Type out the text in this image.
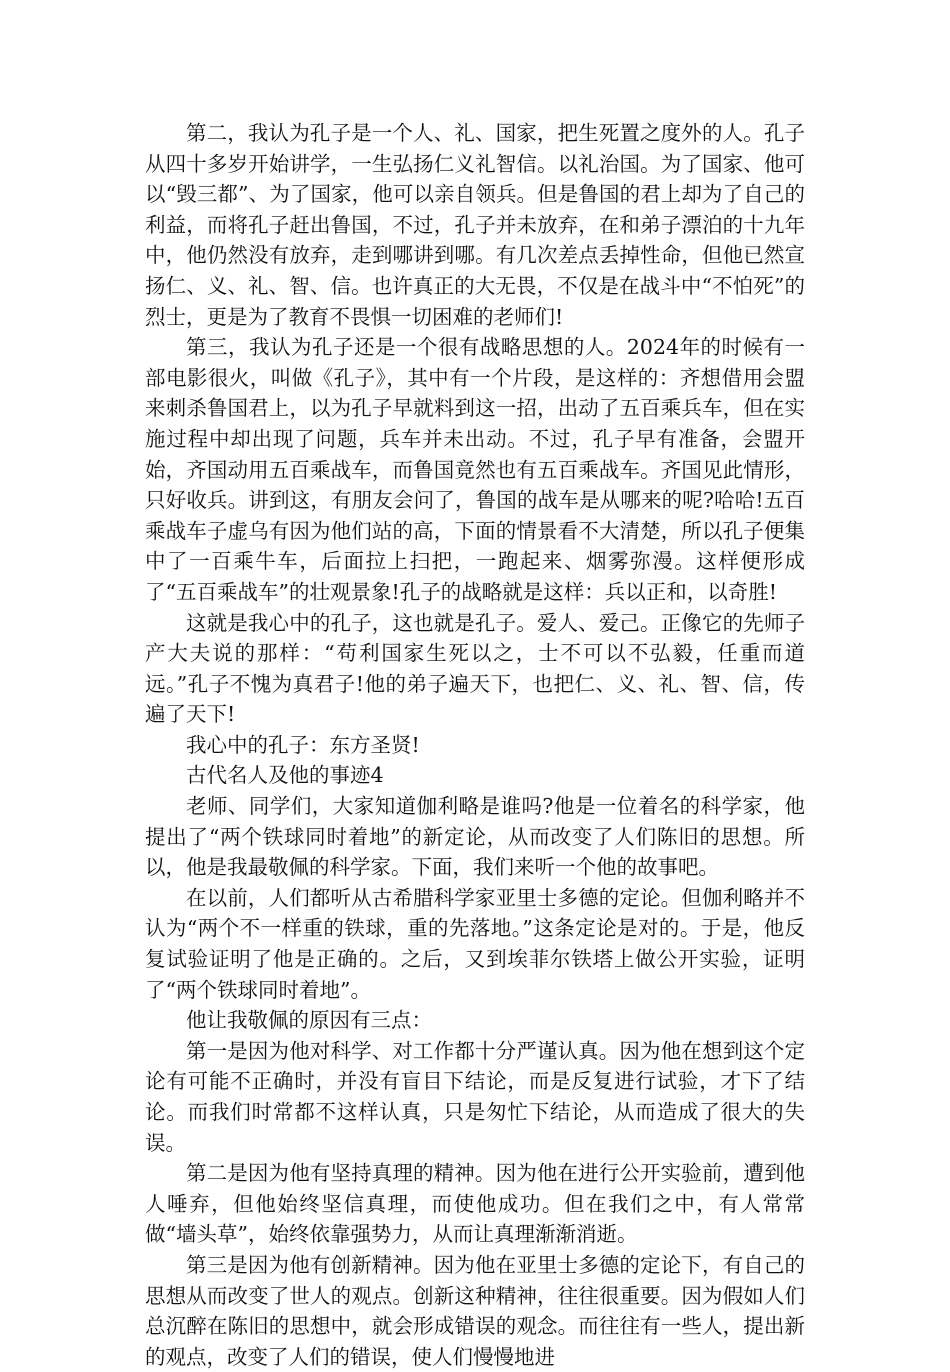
第二，我认为孔子是一个人、礼、国家，把生死置之度外的人。孔子从四十多岁开始讲学，一生弘扬仁义礼智信。以礼治国。为了国家、他可以“毁三都”、为了国家，他可以亲自领兵。但是鲁国的君上却为了自己的利益，而将孔子赶出鲁国，不过，孔子并未放弃，在和弟子漂泊的十九年中，他仍然没有放弃，走到哪讲到哪。有几次差点丢掉性命，但他已然宣扬仁、义、礼、智、信。也许真正的大无畏，不仅是在战斗中“不怕死”的烈士，更是为了教育不畏惧一切困难的老师们!

第三，我认为孔子还是一个很有战略思想的人。2024年的时候有一部电影很火，叫做《孔子》，其中有一个片段，是这样的：齐想借用会盟来刺杀鲁国君上，以为孔子早就料到这一招，出动了五百乘兵车，但在实施过程中却出现了问题，兵车并未出动。不过，孔子早有准备，会盟开始，齐国动用五百乘战车，而鲁国竟然也有五百乘战车。齐国见此情形，只好收兵。讲到这，有朋友会问了，鲁国的战车是从哪来的呢?哈哈!五百乘战车子虚乌有因为他们站的高，下面的情景看不大清楚，所以孔子便集中了一百乘牛车，后面拉上扫把，一跑起来、烟雾弥漫。这样便形成了“五百乘战车”的壮观景象!孔子的战略就是这样：兵以正和，以奇胜!

这就是我心中的孔子，这也就是孔子。爱人、爱己。正像它的先师子产大夫说的那样：“苟利国家生死以之，士不可以不弘毅，任重而道远。”孔子不愧为真君子!他的弟子遍天下，也把仁、义、礼、智、信，传遍了天下!

我心中的孔子：东方圣贤!

古代名人及他的事迹4

老师、同学们，大家知道伽利略是谁吗?他是一位着名的科学家，他提出了“两个铁球同时着地”的新定论，从而改变了人们陈旧的思想。所以，他是我最敬佩的科学家。下面，我们来听一个他的故事吧。

在以前，人们都听从古希腊科学家亚里士多德的定论。但伽利略并不认为“两个不一样重的铁球，重的先落地。”这条定论是对的。于是，他反复试验证明了他是正确的。之后，又到埃菲尔铁塔上做公开实验，证明了“两个铁球同时着地”。

他让我敬佩的原因有三点：

第一是因为他对科学、对工作都十分严谨认真。因为他在想到这个定论有可能不正确时，并没有盲目下结论，而是反复进行试验，才下了结论。而我们时常都不这样认真，只是匆忙下结论，从而造成了很大的失误。

第二是因为他有坚持真理的精神。因为他在进行公开实验前，遭到他人唾弃，但他始终坚信真理，而使他成功。但在我们之中，有人常常做“墙头草”，始终依靠强势力，从而让真理渐渐消逝。

第三是因为他有创新精神。因为他在亚里士多德的定论下，有自己的思想从而改变了世人的观点。创新这种精神，往往很重要。因为假如人们总沉醉在陈旧的思想中，就会形成错误的观念。而往往有一些人，提出新的观点，改变了人们的错误，使人们慢慢地进
